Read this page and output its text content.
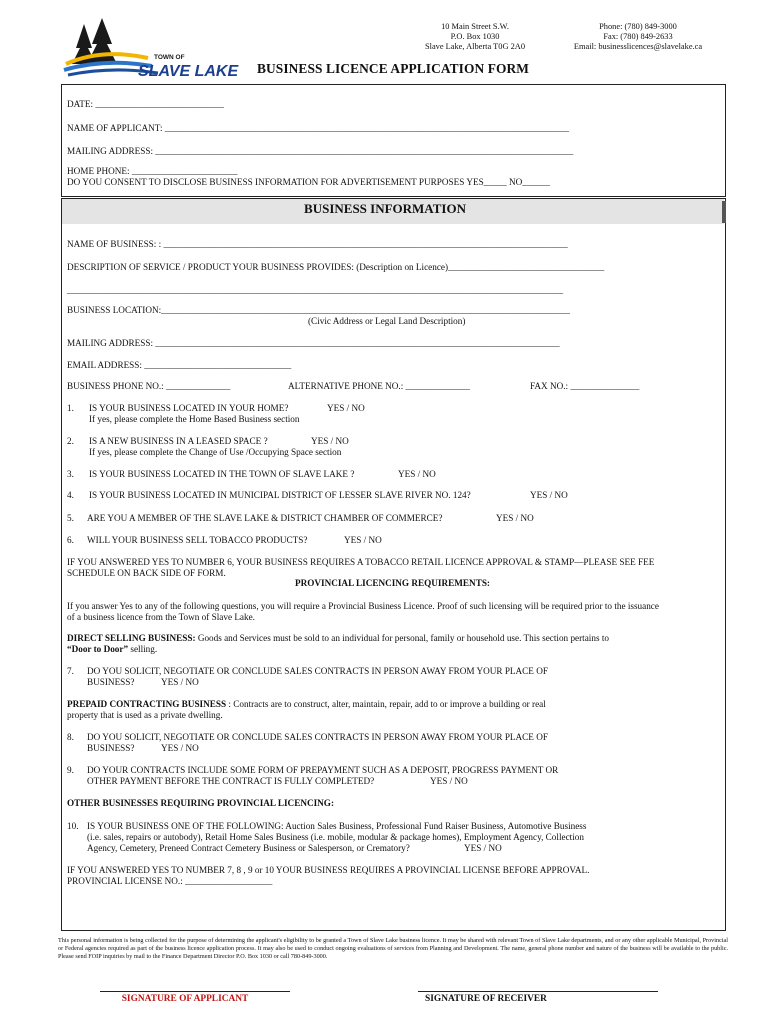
TOWN OF
SLAVE LAKE
10 Main Street S.W.
P.O. Box 1030
Slave Lake, Alberta T0G 2A0
Phone: (780) 849-3000
Fax: (780) 849-2633
Email: businesslicences@slavelake.ca
BUSINESS LICENCE APPLICATION FORM
DATE: ____________________________
NAME OF APPLICANT: ________________________________________________________________________________________
MAILING ADDRESS: ___________________________________________________________________________________________
HOME PHONE: _______________________
DO YOU CONSENT TO DISCLOSE BUSINESS INFORMATION FOR ADVERTISEMENT PURPOSES YES_____ NO______
BUSINESS INFORMATION
NAME OF BUSINESS: : ________________________________________________________________________________________
DESCRIPTION OF SERVICE / PRODUCT YOUR BUSINESS PROVIDES: (Description on Licence)__________________________________
____________________________________________________________________________________________________________
BUSINESS LOCATION:_________________________________________________________________________________________
(Civic Address or Legal Land Description)
MAILING ADDRESS: ________________________________________________________________________________________
EMAIL ADDRESS: ________________________________
BUSINESS PHONE NO.: ______________	ALTERNATIVE PHONE NO.: ______________	FAX NO.: _______________
1. IS YOUR BUSINESS LOCATED IN YOUR HOME?	YES / NO
If yes, please complete the Home Based Business section
2. IS A NEW BUSINESS IN A LEASED SPACE ?	YES / NO
If yes, please complete the Change of Use /Occupying Space section
3. IS YOUR BUSINESS LOCATED IN THE TOWN OF SLAVE LAKE ?	YES / NO
4. IS YOUR BUSINESS LOCATED IN MUNICIPAL DISTRICT OF LESSER SLAVE RIVER NO. 124?	YES / NO
5. ARE YOU A MEMBER OF THE SLAVE LAKE & DISTRICT CHAMBER OF COMMERCE?	YES / NO
6. WILL YOUR BUSINESS SELL TOBACCO PRODUCTS?	YES / NO
IF YOU ANSWERED YES TO NUMBER 6, YOUR BUSINESS REQUIRES A TOBACCO RETAIL LICENCE APPROVAL & STAMP—PLEASE SEE FEE
SCHEDULE ON BACK SIDE OF FORM.
PROVINCIAL LICENCING REQUIREMENTS:
If you answer Yes to any of the following questions, you will require a Provincial Business Licence. Proof of such licensing will be required prior to the issuance
of a business licence from the Town of Slave Lake.
DIRECT SELLING BUSINESS: Goods and Services must be sold to an individual for personal, family or household use. This section pertains to
“Door to Door” selling.
7. DO YOU SOLICIT, NEGOTIATE OR CONCLUDE SALES CONTRACTS IN PERSON AWAY FROM YOUR PLACE OF
BUSINESS?	YES / NO
PREPAID CONTRACTING BUSINESS : Contracts are to construct, alter, maintain, repair, add to or improve a building or real
property that is used as a private dwelling.
8. DO YOU SOLICIT, NEGOTIATE OR CONCLUDE SALES CONTRACTS IN PERSON AWAY FROM YOUR PLACE OF
BUSINESS?	YES / NO
9. DO YOUR CONTRACTS INCLUDE SOME FORM OF PREPAYMENT SUCH AS A DEPOSIT, PROGRESS PAYMENT OR
OTHER PAYMENT BEFORE THE CONTRACT IS FULLY COMPLETED?	YES / NO
OTHER BUSINESSES REQUIRING PROVINCIAL LICENCING:
10. IS YOUR BUSINESS ONE OF THE FOLLOWING: Auction Sales Business, Professional Fund Raiser Business, Automotive Business
(i.e. sales, repairs or autobody), Retail Home Sales Business (i.e. mobile, modular & package homes), Employment Agency, Collection
Agency, Cemetery, Preneed Contract Cemetery Business or Salesperson, or Crematory?	YES / NO
IF YOU ANSWERED YES TO NUMBER 7, 8 , 9 or 10 YOUR BUSINESS REQUIRES A PROVINCIAL LICENSE BEFORE APPROVAL.
PROVINCIAL LICENSE NO.: ___________________
This personal information is being collected for the purpose of determining the applicant's eligibility to be granted a Town of Slave Lake business licence. It may be shared with relevant Town of Slave Lake departments, and or any other applicable Municipal, Provincial or Federal agencies required as part of the business licence application process. It may also be used to conduct ongoing evaluations of services from Planning and Development. The name, general phone number and nature of the business will be available to the public. Please send FOIP inquiries by mail to the Finance Department Director P.O. Box 1030 or call 780-849-3000.
SIGNATURE OF APPLICANT	SIGNATURE OF RECEIVER
